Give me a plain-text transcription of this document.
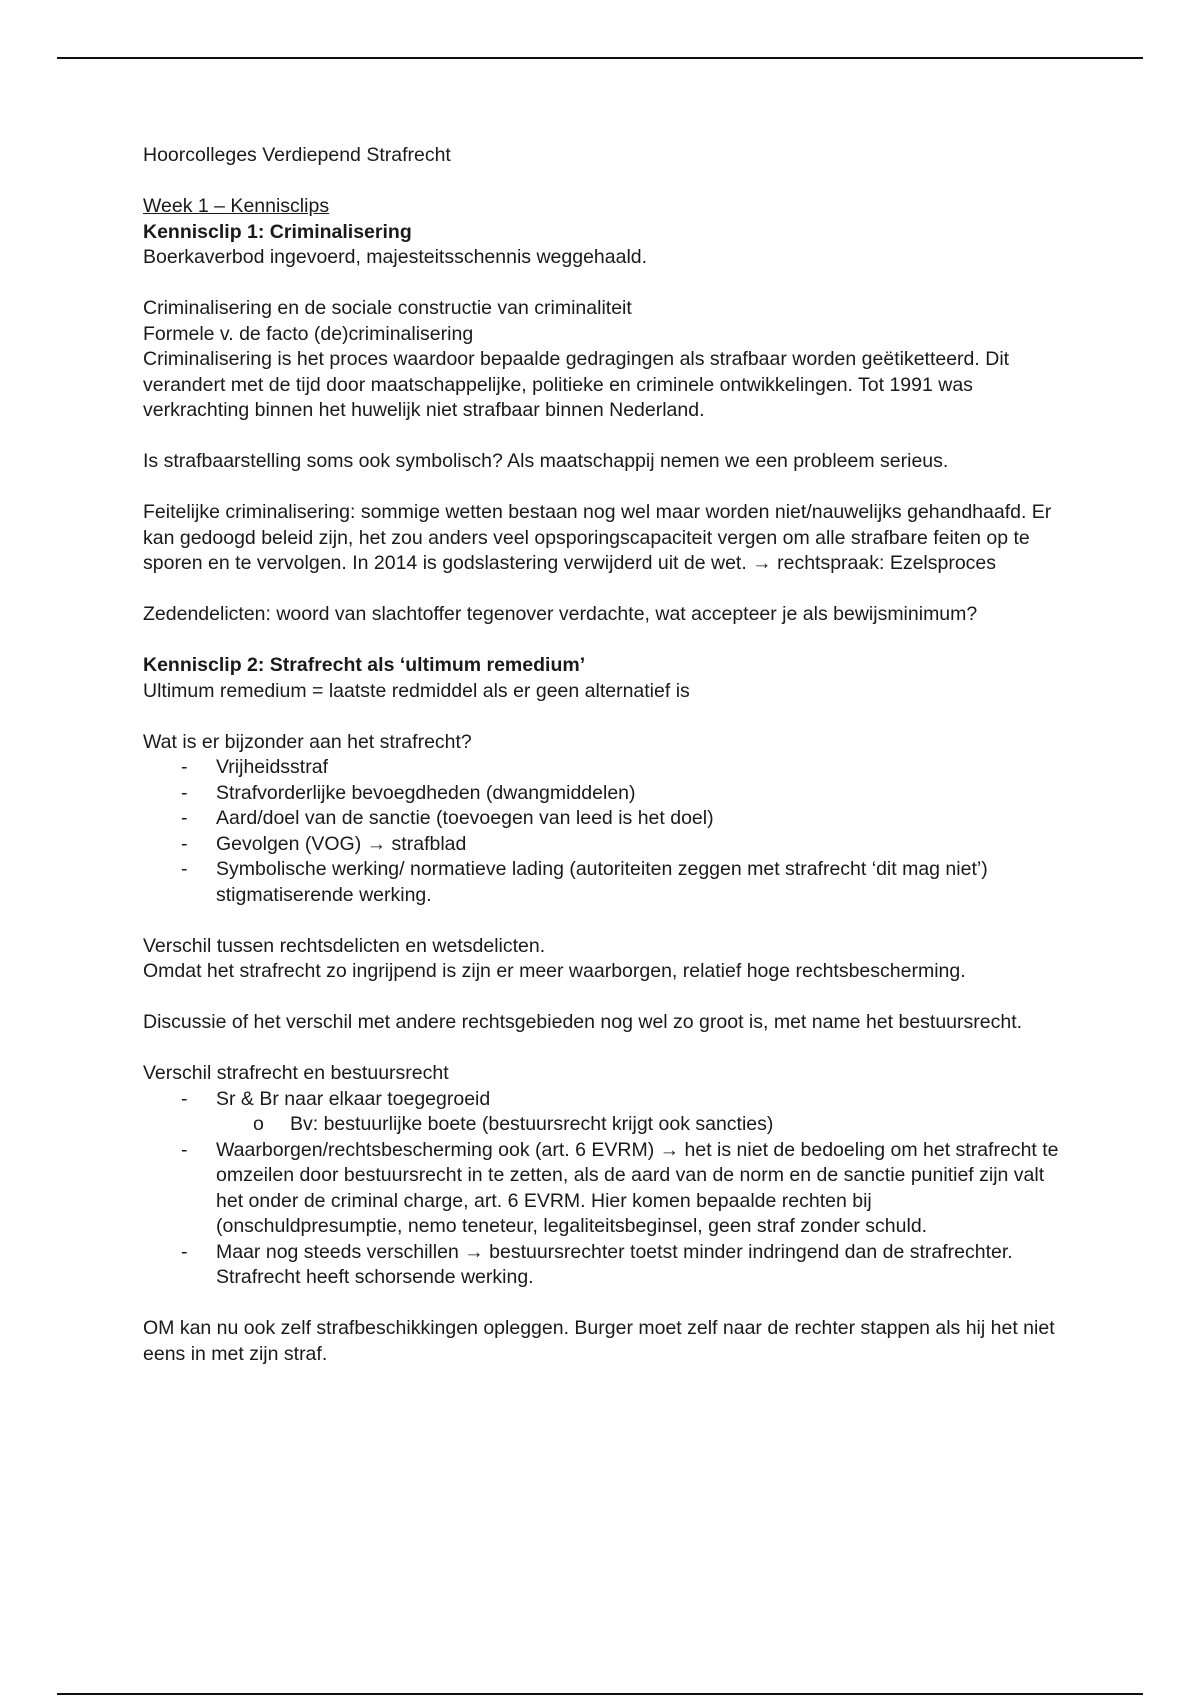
Hoorcolleges Verdiepend Strafrecht

Week 1 – Kennisclips

Kennisclip 1: Criminalisering

Boerkaverbod ingevoerd, majesteitsschennis weggehaald.

Criminalisering en de sociale constructie van criminaliteit

Formele v. de facto (de)criminalisering

Criminalisering is het proces waardoor bepaalde gedragingen als strafbaar worden geëtiketteerd. Dit verandert met de tijd door maatschappelijke, politieke en criminele ontwikkelingen. Tot 1991 was verkrachting binnen het huwelijk niet strafbaar binnen Nederland.

Is strafbaarstelling soms ook symbolisch? Als maatschappij nemen we een probleem serieus.

Feitelijke criminalisering: sommige wetten bestaan nog wel maar worden niet/nauwelijks gehandhaafd. Er kan gedoogd beleid zijn, het zou anders veel opsporingscapaciteit vergen om alle strafbare feiten op te sporen en te vervolgen. In 2014 is godslastering verwijderd uit de wet. → rechtspraak: Ezelsproces

Zedendelicten: woord van slachtoffer tegenover verdachte, wat accepteer je als bewijsminimum?

Kennisclip 2: Strafrecht als ‘ultimum remedium’

Ultimum remedium = laatste redmiddel als er geen alternatief is

Wat is er bijzonder aan het strafrecht?

- Vrijheidsstraf
- Strafvorderlijke bevoegdheden (dwangmiddelen)
- Aard/doel van de sanctie (toevoegen van leed is het doel)
- Gevolgen (VOG) → strafblad
- Symbolische werking/ normatieve lading (autoriteiten zeggen met strafrecht ‘dit mag niet’) stigmatiserende werking.

Verschil tussen rechtsdelicten en wetsdelicten.

Omdat het strafrecht zo ingrijpend is zijn er meer waarborgen, relatief hoge rechtsbescherming.

Discussie of het verschil met andere rechtsgebieden nog wel zo groot is, met name het bestuursrecht.

Verschil strafrecht en bestuursrecht

- Sr & Br naar elkaar toegegroeid
o Bv: bestuurlijke boete (bestuursrecht krijgt ook sancties)
- Waarborgen/rechtsbescherming ook (art. 6 EVRM) → het is niet de bedoeling om het strafrecht te omzeilen door bestuursrecht in te zetten, als de aard van de norm en de sanctie punitief zijn valt het onder de criminal charge, art. 6 EVRM. Hier komen bepaalde rechten bij (onschuldpresumptie, nemo teneteur, legaliteitsbeginsel, geen straf zonder schuld.
- Maar nog steeds verschillen → bestuursrechter toetst minder indringend dan de strafrechter. Strafrecht heeft schorsende werking.

OM kan nu ook zelf strafbeschikkingen opleggen. Burger moet zelf naar de rechter stappen als hij het niet eens in met zijn straf.
